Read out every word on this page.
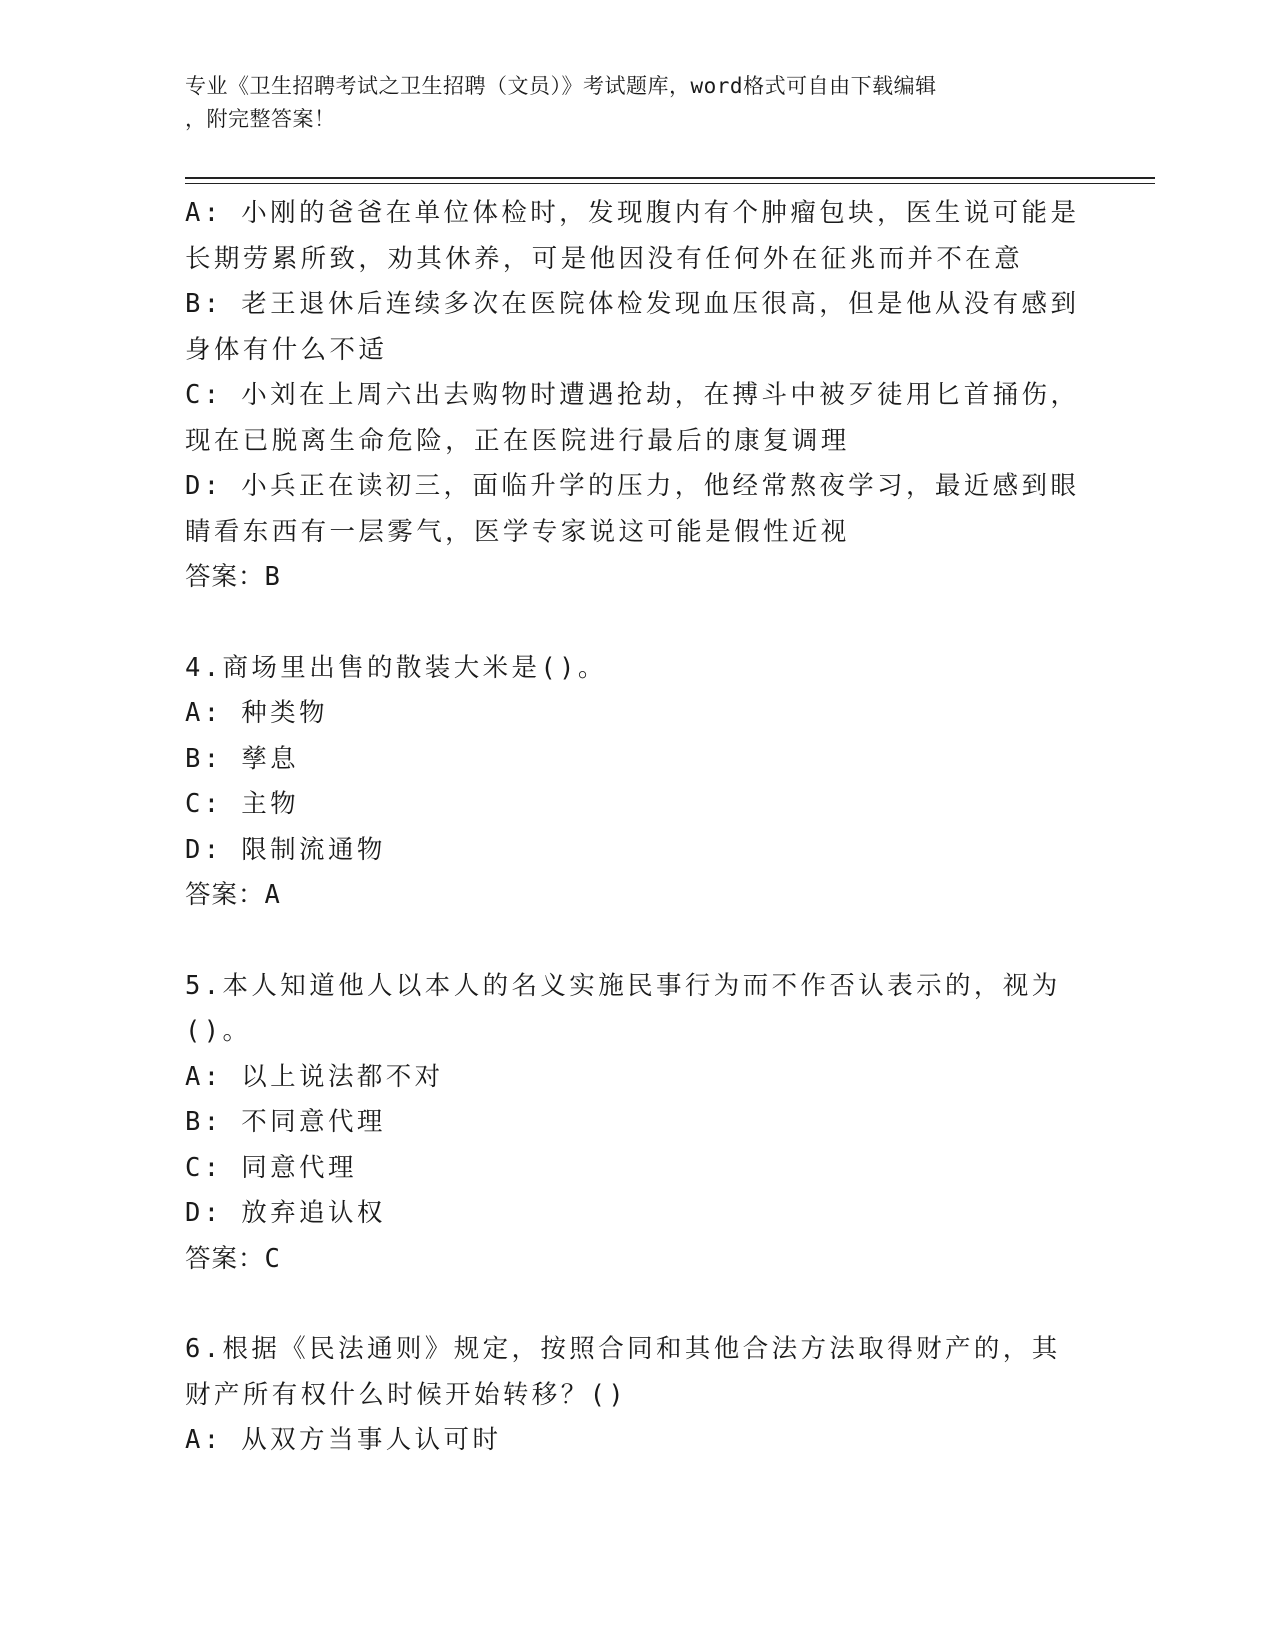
专业《卫生招聘考试之卫生招聘（文员）》考试题库，word格式可自由下载编辑
，附完整答案！
A: 小刚的爸爸在单位体检时，发现腹内有个肿瘤包块，医生说可能是
长期劳累所致，劝其休养，可是他因没有任何外在征兆而并不在意
B: 老王退休后连续多次在医院体检发现血压很高，但是他从没有感到
身体有什么不适
C: 小刘在上周六出去购物时遭遇抢劫，在搏斗中被歹徒用匕首捅伤，
现在已脱离生命危险，正在医院进行最后的康复调理
D: 小兵正在读初三，面临升学的压力，他经常熬夜学习，最近感到眼
睛看东西有一层雾气，医学专家说这可能是假性近视
答案：B
4.商场里出售的散装大米是()。
A: 种类物
B: 孳息
C: 主物
D: 限制流通物
答案：A
5.本人知道他人以本人的名义实施民事行为而不作否认表示的，视为
()。
A: 以上说法都不对
B: 不同意代理
C: 同意代理
D: 放弃追认权
答案：C
6.根据《民法通则》规定，按照合同和其他合法方法取得财产的，其
财产所有权什么时候开始转移？()
A: 从双方当事人认可时
